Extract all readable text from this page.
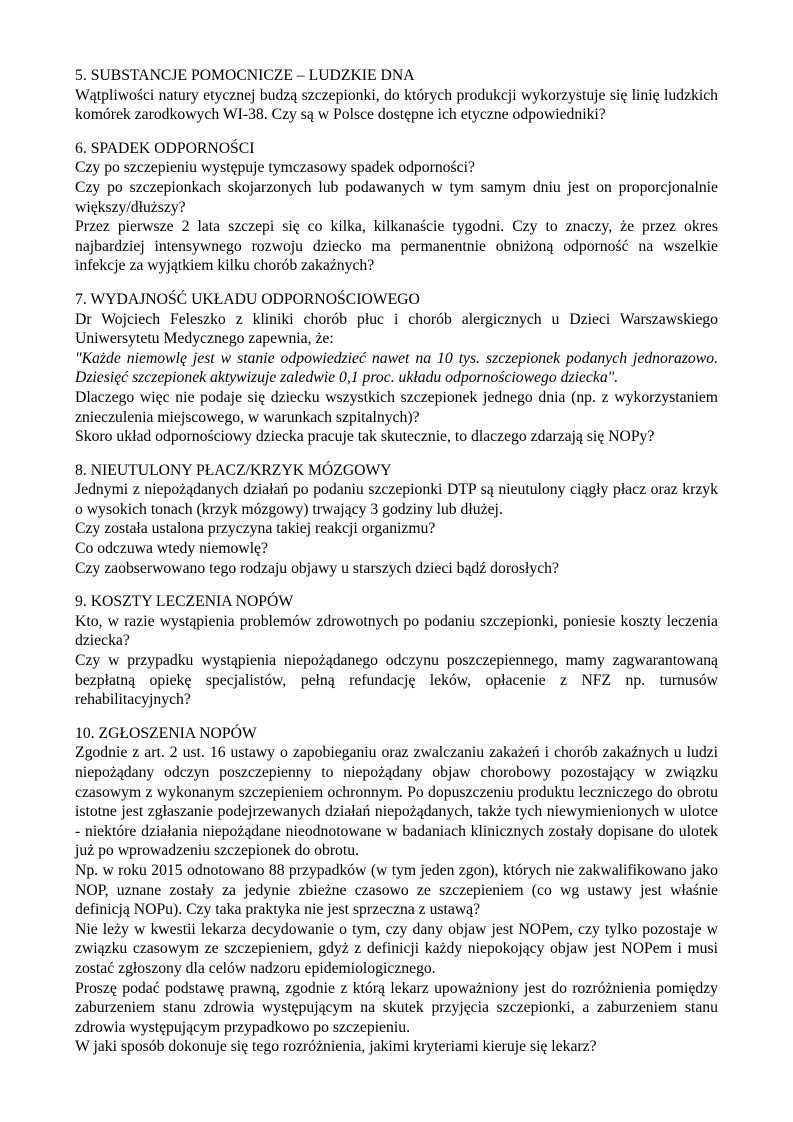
5. SUBSTANCJE POMOCNICZE – LUDZKIE DNA

Wątpliwości natury etycznej budzą szczepionki, do których produkcji wykorzystuje się linię ludzkich komórek zarodkowych WI-38. Czy są w Polsce dostępne ich etyczne odpowiedniki?

6. SPADEK ODPORNOŚCI

Czy po szczepieniu występuje tymczasowy spadek odporności?

Czy po szczepionkach skojarzonych lub podawanych w tym samym dniu jest on proporcjonalnie większy/dłuższy?

Przez pierwsze 2 lata szczepi się co kilka, kilkanaście tygodni. Czy to znaczy, że przez okres najbardziej intensywnego rozwoju dziecko ma permanentnie obniżoną odporność na wszelkie infekcje za wyjątkiem kilku chorób zakaźnych?

7. WYDAJNOŚĆ UKŁADU ODPORNOŚCIOWEGO

Dr Wojciech Feleszko z kliniki chorób płuc i chorób alergicznych u Dzieci Warszawskiego Uniwersytetu Medycznego zapewnia, że:

"Każde niemowlę jest w stanie odpowiedzieć nawet na 10 tys. szczepionek podanych jednorazowo. Dziesięć szczepionek aktywizuje zaledwie 0,1 proc. układu odpornościowego dziecka".

Dlaczego więc nie podaje się dziecku wszystkich szczepionek jednego dnia (np. z wykorzystaniem znieczulenia miejscowego, w warunkach szpitalnych)?

Skoro układ odpornościowy dziecka pracuje tak skutecznie, to dlaczego zdarzają się NOPy?

8. NIEUTULONY PŁACZ/KRZYK MÓZGOWY

Jednymi z niepożądanych działań po podaniu szczepionki DTP są nieutulony ciągły płacz oraz krzyk o wysokich tonach (krzyk mózgowy) trwający 3 godziny lub dłużej.

Czy została ustalona przyczyna takiej reakcji organizmu?

Co odczuwa wtedy niemowlę?

Czy zaobserwowano tego rodzaju objawy u starszych dzieci bądź dorosłych?

9. KOSZTY LECZENIA NOPÓW

Kto, w razie wystąpienia problemów zdrowotnych po podaniu szczepionki, poniesie koszty leczenia dziecka?

Czy w przypadku wystąpienia niepożądanego odczynu poszczepiennego, mamy zagwarantowaną bezpłatną opiekę specjalistów, pełną refundację leków, opłacenie z NFZ np. turnusów rehabilitacyjnych?

10. ZGŁOSZENIA NOPÓW

Zgodnie z art. 2 ust. 16 ustawy o zapobieganiu oraz zwalczaniu zakażeń i chorób zakaźnych u ludzi niepożądany odczyn poszczepienny to niepożądany objaw chorobowy pozostający w związku czasowym z wykonanym szczepieniem ochronnym. Po dopuszczeniu produktu leczniczego do obrotu istotne jest zgłaszanie podejrzewanych działań niepożądanych, także tych niewymienionych w ulotce - niektóre działania niepożądane nieodnotowane w badaniach klinicznych zostały dopisane do ulotek już po wprowadzeniu szczepionek do obrotu.

Np. w roku 2015 odnotowano 88 przypadków (w tym jeden zgon), których nie zakwalifikowano jako NOP, uznane zostały za jedynie zbieżne czasowo ze szczepieniem (co wg ustawy jest właśnie definicją NOPu). Czy taka praktyka nie jest sprzeczna z ustawą?

Nie leży w kwestii lekarza decydowanie o tym, czy dany objaw jest NOPem, czy tylko pozostaje w związku czasowym ze szczepieniem, gdyż z definicji każdy niepokojący objaw jest NOPem i musi zostać zgłoszony dla celów nadzoru epidemiologicznego.

Proszę podać podstawę prawną, zgodnie z którą lekarz upoważniony jest do rozróżnienia pomiędzy zaburzeniem stanu zdrowia występującym na skutek przyjęcia szczepionki, a zaburzeniem stanu zdrowia występującym przypadkowo po szczepieniu.

W jaki sposób dokonuje się tego rozróżnienia, jakimi kryteriami kieruje się lekarz?
